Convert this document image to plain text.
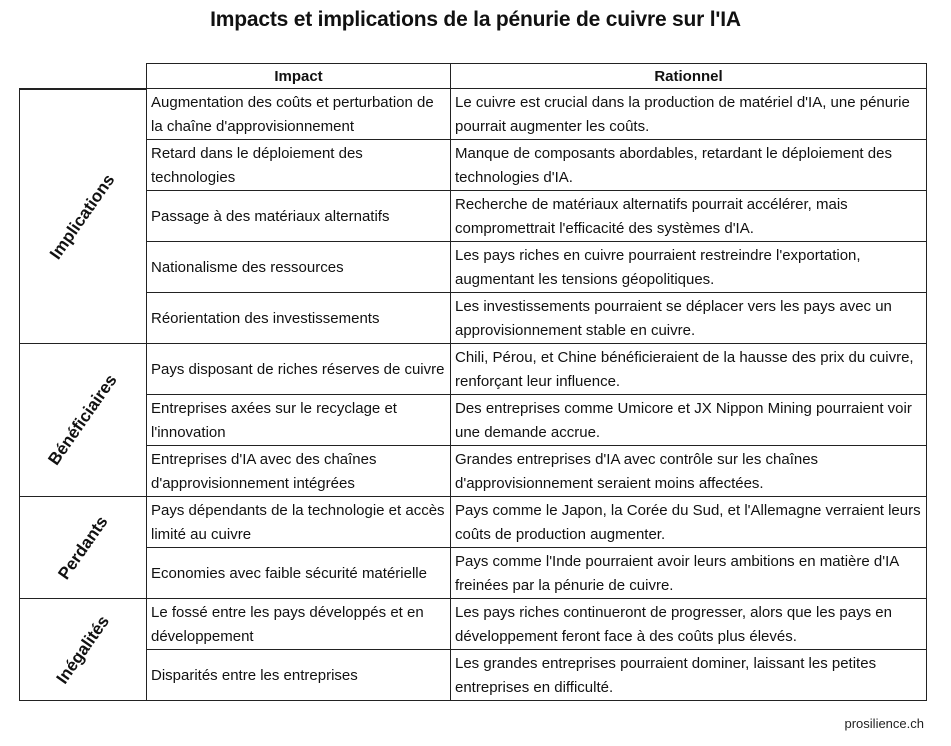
Impacts et implications de la pénurie de cuivre sur l'IA
Impact	Rationnel
Implications
Augmentation des coûts et perturbation de la chaîne d'approvisionnement
Le cuivre est crucial dans la production de matériel d'IA, une pénurie pourrait augmenter les coûts.
Retard dans le déploiement des technologies
Manque de composants abordables, retardant le déploiement des technologies d'IA.
Passage à des matériaux alternatifs
Recherche de matériaux alternatifs pourrait accélérer, mais compromettrait l'efficacité des systèmes d'IA.
Nationalisme des ressources
Les pays riches en cuivre pourraient restreindre l'exportation, augmentant les tensions géopolitiques.
Réorientation des investissements
Les investissements pourraient se déplacer vers les pays avec un approvisionnement stable en cuivre.
Bénéficiaires
Pays disposant de riches réserves de cuivre
Chili, Pérou, et Chine bénéficieraient de la hausse des prix du cuivre, renforçant leur influence.
Entreprises axées sur le recyclage et l'innovation
Des entreprises comme Umicore et JX Nippon Mining pourraient voir une demande accrue.
Entreprises d'IA avec des chaînes d'approvisionnement intégrées
Grandes entreprises d'IA avec contrôle sur les chaînes d'approvisionnement seraient moins affectées.
Perdants
Pays dépendants de la technologie et accès limité au cuivre
Pays comme le Japon, la Corée du Sud, et l'Allemagne verraient leurs coûts de production augmenter.
Economies avec faible sécurité matérielle
Pays comme l'Inde pourraient avoir leurs ambitions en matière d'IA freinées par la pénurie de cuivre.
Inégalités	Le fossé entre les pays développés et en développement
Les pays riches continueront de progresser, alors que les pays en développement feront face à des coûts plus élevés.
Disparités entre les entreprises
Les grandes entreprises pourraient dominer, laissant les petites entreprises en difficulté.
prosilience.ch
